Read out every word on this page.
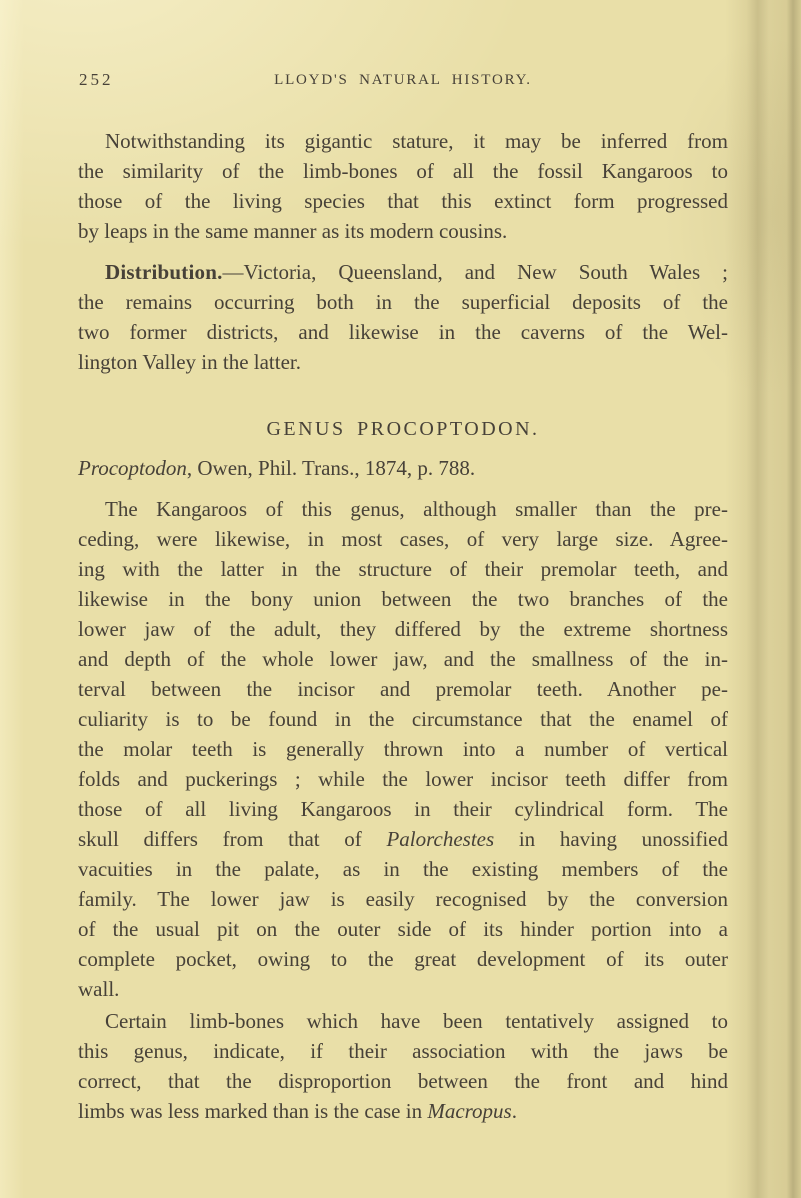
252	LLOYD'S NATURAL HISTORY.
Notwithstanding its gigantic stature, it may be inferred from
the similarity of the limb-bones of all the fossil Kangaroos to
those of the living species that this extinct form progressed
by leaps in the same manner as its modern cousins.
Distribution.—Victoria, Queensland, and New South Wales ;
the remains occurring both in the superficial deposits of the
two former districts, and likewise in the caverns of the Wel-
lington Valley in the latter.
GENUS PROCOPTODON.
Procoptodon, Owen, Phil. Trans., 1874, p. 788.
The Kangaroos of this genus, although smaller than the pre-
ceding, were likewise, in most cases, of very large size. Agree-
ing with the latter in the structure of their premolar teeth, and
likewise in the bony union between the two branches of the
lower jaw of the adult, they differed by the extreme shortness
and depth of the whole lower jaw, and the smallness of the in-
terval between the incisor and premolar teeth. Another pe-
culiarity is to be found in the circumstance that the enamel of
the molar teeth is generally thrown into a number of vertical
folds and puckerings ; while the lower incisor teeth differ from
those of all living Kangaroos in their cylindrical form. The
skull differs from that of Palorchestes in having unossified
vacuities in the palate, as in the existing members of the
family. The lower jaw is easily recognised by the conversion
of the usual pit on the outer side of its hinder portion into a
complete pocket, owing to the great development of its outer
wall.
Certain limb-bones which have been tentatively assigned to
this genus, indicate, if their association with the jaws be
correct, that the disproportion between the front and hind
limbs was less marked than is the case in Macropus.
